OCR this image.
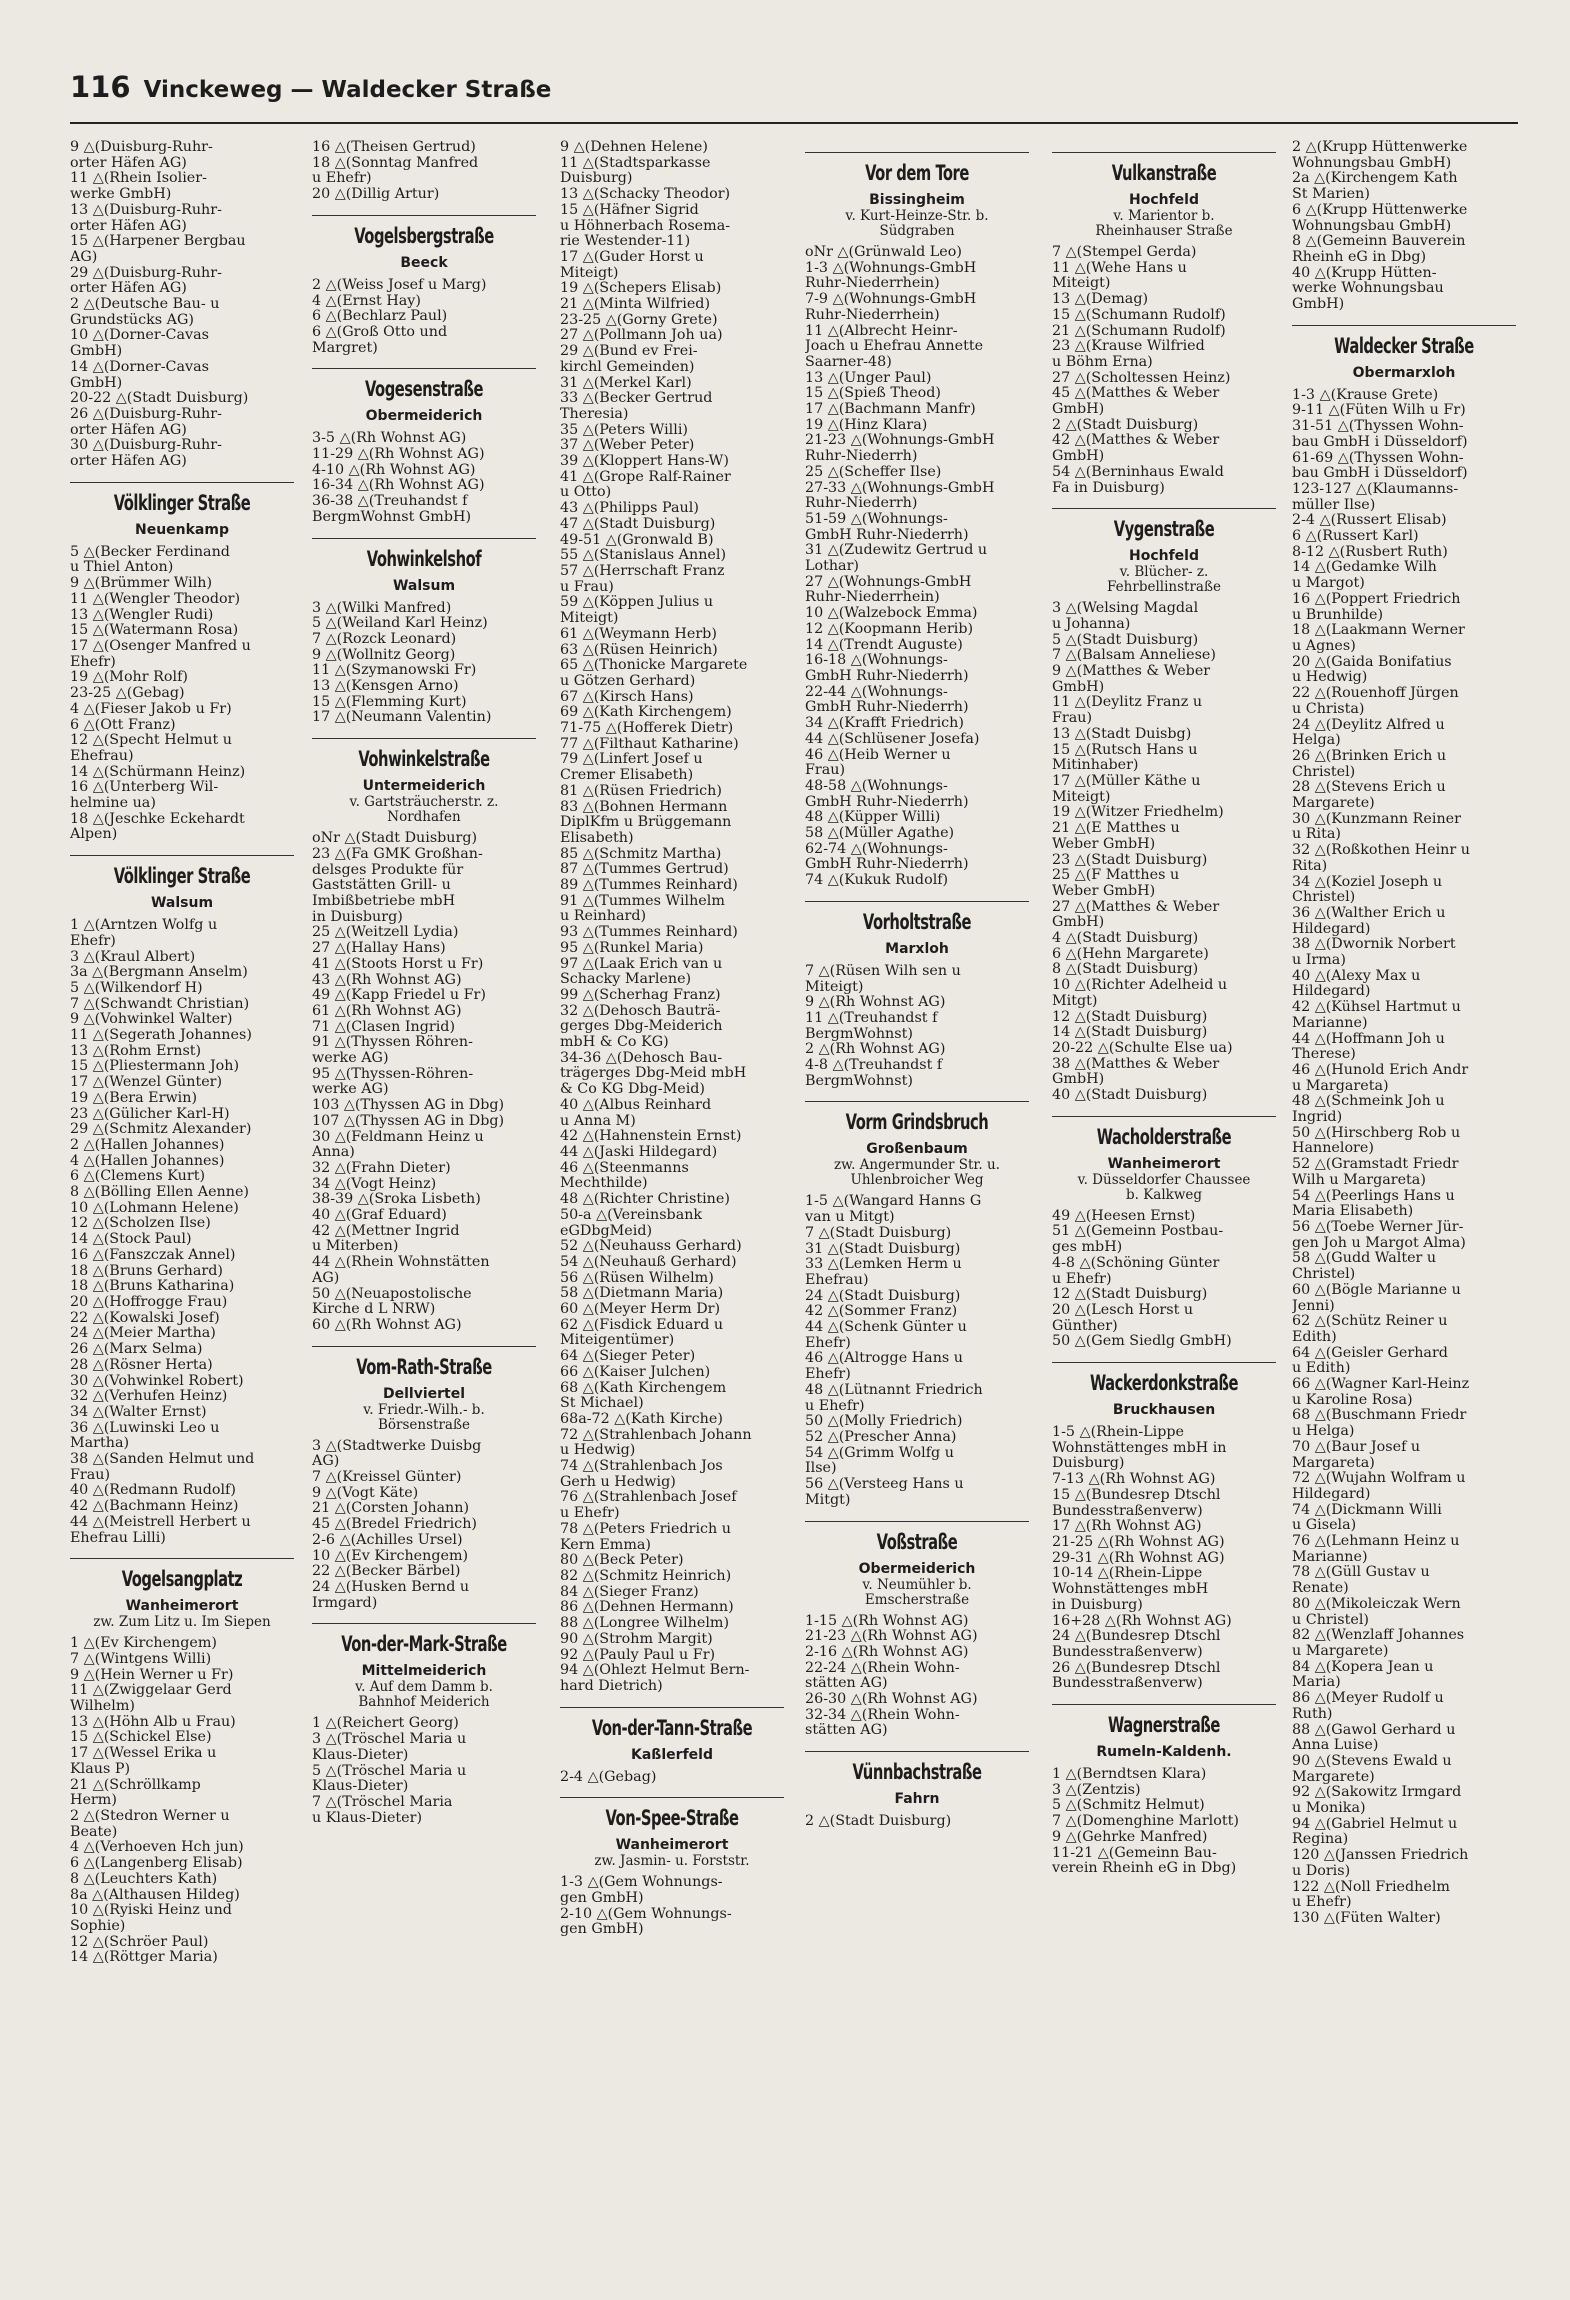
116 Vinckeweg — Waldecker Straße
9 △(Duisburg-Ruhr-
orter Häfen AG)
11 △(Rhein Isolier-
werke GmbH)
13 △(Duisburg-Ruhr-
orter Häfen AG)
15 △(Harpener Bergbau
AG)
29 △(Duisburg-Ruhr-
orter Häfen AG)
2 △(Deutsche Bau- u
Grundstücks AG)
10 △(Dorner-Cavas
GmbH)
14 △(Dorner-Cavas
GmbH)
20-22 △(Stadt Duisburg)
26 △(Duisburg-Ruhr-
orter Häfen AG)
30 △(Duisburg-Ruhr-
orter Häfen AG)
Völklinger Straße
Neuenkamp
5 △(Becker Ferdinand
u Thiel Anton)
9 △(Brümmer Wilh)
11 △(Wengler Theodor)
13 △(Wengler Rudi)
15 △(Watermann Rosa)
17 △(Osenger Manfred u
Ehefr)
19 △(Mohr Rolf)
23-25 △(Gebag)
4 △(Fieser Jakob u Fr)
6 △(Ott Franz)
12 △(Specht Helmut u
Ehefrau)
14 △(Schürmann Heinz)
16 △(Unterberg Wil-
helmine ua)
18 △(Jeschke Eckehardt
Alpen)
Völklinger Straße
Walsum
1 △(Arntzen Wolfg u
Ehefr)
3 △(Kraul Albert)
3a △(Bergmann Anselm)
5 △(Wilkendorf H)
7 △(Schwandt Christian)
9 △(Vohwinkel Walter)
11 △(Segerath Johannes)
13 △(Rohm Ernst)
15 △(Pliestermann Joh)
17 △(Wenzel Günter)
19 △(Bera Erwin)
23 △(Gülicher Karl-H)
29 △(Schmitz Alexander)
2 △(Hallen Johannes)
4 △(Hallen Johannes)
6 △(Clemens Kurt)
8 △(Bölling Ellen Aenne)
10 △(Lohmann Helene)
12 △(Scholzen Ilse)
14 △(Stock Paul)
16 △(Fanszczak Annel)
18 △(Bruns Gerhard)
18 △(Bruns Katharina)
20 △(Hoffrogge Frau)
22 △(Kowalski Josef)
24 △(Meier Martha)
26 △(Marx Selma)
28 △(Rösner Herta)
30 △(Vohwinkel Robert)
32 △(Verhufen Heinz)
34 △(Walter Ernst)
36 △(Luwinski Leo u
Martha)
38 △(Sanden Helmut und
Frau)
40 △(Redmann Rudolf)
42 △(Bachmann Heinz)
44 △(Meistrell Herbert u
Ehefrau Lilli)
Vogelsangplatz
Wanheimerort
zw. Zum Litz u. Im Siepen
1 △(Ev Kirchengem)
7 △(Wintgens Willi)
9 △(Hein Werner u Fr)
11 △(Zwiggelaar Gerd
Wilhelm)
13 △(Höhn Alb u Frau)
15 △(Schickel Else)
17 △(Wessel Erika u
Klaus P)
21 △(Schröllkamp
Herm)
2 △(Stedron Werner u
Beate)
4 △(Verhoeven Hch jun)
6 △(Langenberg Elisab)
8 △(Leuchters Kath)
8a △(Althausen Hildeg)
10 △(Ryiski Heinz und
Sophie)
12 △(Schröer Paul)
14 △(Röttger Maria)
16 △(Theisen Gertrud)
18 △(Sonntag Manfred
u Ehefr)
20 △(Dillig Artur)
Vogelsbergstraße
Beeck
2 △(Weiss Josef u Marg)
4 △(Ernst Hay)
6 △(Bechlarz Paul)
6 △(Groß Otto und
Margret)
Vogesenstraße
Obermeiderich
3-5 △(Rh Wohnst AG)
11-29 △(Rh Wohnst AG)
4-10 △(Rh Wohnst AG)
16-34 △(Rh Wohnst AG)
36-38 △(Treuhandst f
BergmWohnst GmbH)
Vohwinkelshof
Walsum
3 △(Wilki Manfred)
5 △(Weiland Karl Heinz)
7 △(Rozck Leonard)
9 △(Wollnitz Georg)
11 △(Szymanowski Fr)
13 △(Kensgen Arno)
15 △(Flemming Kurt)
17 △(Neumann Valentin)
Vohwinkelstraße
Untermeiderich
v. Gartsträucherstr. z.
Nordhafen
oNr △(Stadt Duisburg)
23 △(Fa GMK Großhan-
delsges Produkte für
Gaststätten Grill- u
Imbißbetriebe mbH
in Duisburg)
25 △(Weitzell Lydia)
27 △(Hallay Hans)
41 △(Stoots Horst u Fr)
43 △(Rh Wohnst AG)
49 △(Kapp Friedel u Fr)
61 △(Rh Wohnst AG)
71 △(Clasen Ingrid)
91 △(Thyssen Röhren-
werke AG)
95 △(Thyssen-Röhren-
werke AG)
103 △(Thyssen AG in Dbg)
107 △(Thyssen AG in Dbg)
30 △(Feldmann Heinz u
Anna)
32 △(Frahn Dieter)
34 △(Vogt Heinz)
38-39 △(Sroka Lisbeth)
40 △(Graf Eduard)
42 △(Mettner Ingrid
u Miterben)
44 △(Rhein Wohnstätten
AG)
50 △(Neuapostolische
Kirche d L NRW)
60 △(Rh Wohnst AG)
Vom-Rath-Straße
Dellviertel
v. Friedr.-Wilh.- b.
Börsenstraße
3 △(Stadtwerke Duisbg
AG)
7 △(Kreissel Günter)
9 △(Vogt Käte)
21 △(Corsten Johann)
45 △(Bredel Friedrich)
2-6 △(Achilles Ursel)
10 △(Ev Kirchengem)
22 △(Becker Bärbel)
24 △(Husken Bernd u
Irmgard)
Von-der-Mark-Straße
Mittelmeiderich
v. Auf dem Damm b.
Bahnhof Meiderich
1 △(Reichert Georg)
3 △(Tröschel Maria u
Klaus-Dieter)
5 △(Tröschel Maria u
Klaus-Dieter)
7 △(Tröschel Maria
u Klaus-Dieter)
9 △(Dehnen Helene)
11 △(Stadtsparkasse
Duisburg)
13 △(Schacky Theodor)
15 △(Häfner Sigrid
u Höhnerbach Rosema-
rie Westender-11)
17 △(Guder Horst u
Miteigt)
19 △(Schepers Elisab)
21 △(Minta Wilfried)
23-25 △(Gorny Grete)
27 △(Pollmann Joh ua)
29 △(Bund ev Frei-
kirchl Gemeinden)
31 △(Merkel Karl)
33 △(Becker Gertrud
Theresia)
35 △(Peters Willi)
37 △(Weber Peter)
39 △(Kloppert Hans-W)
41 △(Grope Ralf-Rainer
u Otto)
43 △(Philipps Paul)
47 △(Stadt Duisburg)
49-51 △(Gronwald B)
55 △(Stanislaus Annel)
57 △(Herrschaft Franz
u Frau)
59 △(Köppen Julius u
Miteigt)
61 △(Weymann Herb)
63 △(Rüsen Heinrich)
65 △(Thonicke Margarete
u Götzen Gerhard)
67 △(Kirsch Hans)
69 △(Kath Kirchengem)
71-75 △(Hofferek Dietr)
77 △(Filthaut Katharine)
79 △(Linfert Josef u
Cremer Elisabeth)
81 △(Rüsen Friedrich)
83 △(Bohnen Hermann
DiplKfm u Brüggemann
Elisabeth)
85 △(Schmitz Martha)
87 △(Tummes Gertrud)
89 △(Tummes Reinhard)
91 △(Tummes Wilhelm
u Reinhard)
93 △(Tummes Reinhard)
95 △(Runkel Maria)
97 △(Laak Erich van u
Schacky Marlene)
99 △(Scherhag Franz)
32 △(Dehosch Bauträ-
gerges Dbg-Meiderich
mbH & Co KG)
34-36 △(Dehosch Bau-
trägerges Dbg-Meid mbH
& Co KG Dbg-Meid)
40 △(Albus Reinhard
u Anna M)
42 △(Hahnenstein Ernst)
44 △(Jaski Hildegard)
46 △(Steenmanns
Mechthilde)
48 △(Richter Christine)
50-a △(Vereinsbank
eGDbgMeid)
52 △(Neuhauss Gerhard)
54 △(Neuhauß Gerhard)
56 △(Rüsen Wilhelm)
58 △(Dietmann Maria)
60 △(Meyer Herm Dr)
62 △(Fisdick Eduard u
Miteigentümer)
64 △(Sieger Peter)
66 △(Kaiser Julchen)
68 △(Kath Kirchengem
St Michael)
68a-72 △(Kath Kirche)
72 △(Strahlenbach Johann
u Hedwig)
74 △(Strahlenbach Jos
Gerh u Hedwig)
76 △(Strahlenbach Josef
u Ehefr)
78 △(Peters Friedrich u
Kern Emma)
80 △(Beck Peter)
82 △(Schmitz Heinrich)
84 △(Sieger Franz)
86 △(Dehnen Hermann)
88 △(Longree Wilhelm)
90 △(Strohm Margit)
92 △(Pauly Paul u Fr)
94 △(Ohlezt Helmut Bern-
hard Dietrich)
Von-der-Tann-Straße
Kaßlerfeld
2-4 △(Gebag)
Von-Spee-Straße
Wanheimerort
zw. Jasmin- u. Forststr.
1-3 △(Gem Wohnungs-
gen GmbH)
2-10 △(Gem Wohnungs-
gen GmbH)
Vor dem Tore
Bissingheim
v. Kurt-Heinze-Str. b.
Südgraben
oNr △(Grünwald Leo)
1-3 △(Wohnungs-GmbH
Ruhr-Niederrhein)
7-9 △(Wohnungs-GmbH
Ruhr-Niederrhein)
11 △(Albrecht Heinr-
Joach u Ehefrau Annette
Saarner-48)
13 △(Unger Paul)
15 △(Spieß Theod)
17 △(Bachmann Manfr)
19 △(Hinz Klara)
21-23 △(Wohnungs-GmbH
Ruhr-Niederrh)
25 △(Scheffer Ilse)
27-33 △(Wohnungs-GmbH
Ruhr-Niederrh)
51-59 △(Wohnungs-
GmbH Ruhr-Niederrh)
31 △(Zudewitz Gertrud u
Lothar)
27 △(Wohnungs-GmbH
Ruhr-Niederrhein)
10 △(Walzebock Emma)
12 △(Koopmann Herib)
14 △(Trendt Auguste)
16-18 △(Wohnungs-
GmbH Ruhr-Niederrh)
22-44 △(Wohnungs-
GmbH Ruhr-Niederrh)
34 △(Krafft Friedrich)
44 △(Schlüsener Josefa)
46 △(Heib Werner u
Frau)
48-58 △(Wohnungs-
GmbH Ruhr-Niederrh)
48 △(Küpper Willi)
58 △(Müller Agathe)
62-74 △(Wohnungs-
GmbH Ruhr-Niederrh)
74 △(Kukuk Rudolf)
Vorholtstraße
Marxloh
7 △(Rüsen Wilh sen u
Miteigt)
9 △(Rh Wohnst AG)
11 △(Treuhandst f
BergmWohnst)
2 △(Rh Wohnst AG)
4-8 △(Treuhandst f
BergmWohnst)
Vorm Grindsbruch
Großenbaum
zw. Angermunder Str. u.
Uhlenbroicher Weg
1-5 △(Wangard Hanns G
van u Mitgt)
7 △(Stadt Duisburg)
31 △(Stadt Duisburg)
33 △(Lemken Herm u
Ehefrau)
24 △(Stadt Duisburg)
42 △(Sommer Franz)
44 △(Schenk Günter u
Ehefr)
46 △(Altrogge Hans u
Ehefr)
48 △(Lütnannt Friedrich
u Ehefr)
50 △(Molly Friedrich)
52 △(Prescher Anna)
54 △(Grimm Wolfg u
Ilse)
56 △(Versteeg Hans u
Mitgt)
Voßstraße
Obermeiderich
v. Neumühler b.
Emscherstraße
1-15 △(Rh Wohnst AG)
21-23 △(Rh Wohnst AG)
2-16 △(Rh Wohnst AG)
22-24 △(Rhein Wohn-
stätten AG)
26-30 △(Rh Wohnst AG)
32-34 △(Rhein Wohn-
stätten AG)
Vünnbachstraße
Fahrn
2 △(Stadt Duisburg)
Vulkanstraße
Hochfeld
v. Marientor b.
Rheinhauser Straße
7 △(Stempel Gerda)
11 △(Wehe Hans u
Miteigt)
13 △(Demag)
15 △(Schumann Rudolf)
21 △(Schumann Rudolf)
23 △(Krause Wilfried
u Böhm Erna)
27 △(Scholtessen Heinz)
45 △(Matthes & Weber
GmbH)
2 △(Stadt Duisburg)
42 △(Matthes & Weber
GmbH)
54 △(Berninhaus Ewald
Fa in Duisburg)
Vygenstraße
Hochfeld
v. Blücher- z.
Fehrbellinstraße
3 △(Welsing Magdal
u Johanna)
5 △(Stadt Duisburg)
7 △(Balsam Anneliese)
9 △(Matthes & Weber
GmbH)
11 △(Deylitz Franz u
Frau)
13 △(Stadt Duisbg)
15 △(Rutsch Hans u
Mitinhaber)
17 △(Müller Käthe u
Miteigt)
19 △(Witzer Friedhelm)
21 △(E Matthes u
Weber GmbH)
23 △(Stadt Duisburg)
25 △(F Matthes u
Weber GmbH)
27 △(Matthes & Weber
GmbH)
4 △(Stadt Duisburg)
6 △(Hehn Margarete)
8 △(Stadt Duisburg)
10 △(Richter Adelheid u
Mitgt)
12 △(Stadt Duisburg)
14 △(Stadt Duisburg)
20-22 △(Schulte Else ua)
38 △(Matthes & Weber
GmbH)
40 △(Stadt Duisburg)
Wacholderstraße
Wanheimerort
v. Düsseldorfer Chaussee
b. Kalkweg
49 △(Heesen Ernst)
51 △(Gemeinn Postbau-
ges mbH)
4-8 △(Schöning Günter
u Ehefr)
12 △(Stadt Duisburg)
20 △(Lesch Horst u
Günther)
50 △(Gem Siedlg GmbH)
Wackerdonkstraße
Bruckhausen
1-5 △(Rhein-Lippe
Wohnstättenges mbH in
Duisburg)
7-13 △(Rh Wohnst AG)
15 △(Bundesrep Dtschl
Bundesstraßenverw)
17 △(Rh Wohnst AG)
21-25 △(Rh Wohnst AG)
29-31 △(Rh Wohnst AG)
10-14 △(Rhein-Lippe
Wohnstättenges mbH
in Duisburg)
16+28 △(Rh Wohnst AG)
24 △(Bundesrep Dtschl
Bundesstraßenverw)
26 △(Bundesrep Dtschl
Bundesstraßenverw)
Wagnerstraße
Rumeln-Kaldenh.
1 △(Berndtsen Klara)
3 △(Zentzis)
5 △(Schmitz Helmut)
7 △(Domenghine Marlott)
9 △(Gehrke Manfred)
11-21 △(Gemeinn Bau-
verein Rheinh eG in Dbg)
2 △(Krupp Hüttenwerke
Wohnungsbau GmbH)
2a △(Kirchengem Kath
St Marien)
6 △(Krupp Hüttenwerke
Wohnungsbau GmbH)
8 △(Gemeinn Bauverein
Rheinh eG in Dbg)
40 △(Krupp Hütten-
werke Wohnungsbau
GmbH)
Waldecker Straße
Obermarxloh
1-3 △(Krause Grete)
9-11 △(Füten Wilh u Fr)
31-51 △(Thyssen Wohn-
bau GmbH i Düsseldorf)
61-69 △(Thyssen Wohn-
bau GmbH i Düsseldorf)
123-127 △(Klaumanns-
müller Ilse)
2-4 △(Russert Elisab)
6 △(Russert Karl)
8-12 △(Rusbert Ruth)
14 △(Gedamke Wilh
u Margot)
16 △(Poppert Friedrich
u Brunhilde)
18 △(Laakmann Werner
u Agnes)
20 △(Gaida Bonifatius
u Hedwig)
22 △(Rouenhoff Jürgen
u Christa)
24 △(Deylitz Alfred u
Helga)
26 △(Brinken Erich u
Christel)
28 △(Stevens Erich u
Margarete)
30 △(Kunzmann Reiner
u Rita)
32 △(Roßkothen Heinr u
Rita)
34 △(Koziel Joseph u
Christel)
36 △(Walther Erich u
Hildegard)
38 △(Dwornik Norbert
u Irma)
40 △(Alexy Max u
Hildegard)
42 △(Kühsel Hartmut u
Marianne)
44 △(Hoffmann Joh u
Therese)
46 △(Hunold Erich Andr
u Margareta)
48 △(Schmeink Joh u
Ingrid)
50 △(Hirschberg Rob u
Hannelore)
52 △(Gramstadt Friedr
Wilh u Margareta)
54 △(Peerlings Hans u
Maria Elisabeth)
56 △(Toebe Werner Jür-
gen Joh u Margot Alma)
58 △(Gudd Walter u
Christel)
60 △(Bögle Marianne u
Jenni)
62 △(Schütz Reiner u
Edith)
64 △(Geisler Gerhard
u Edith)
66 △(Wagner Karl-Heinz
u Karoline Rosa)
68 △(Buschmann Friedr
u Helga)
70 △(Baur Josef u
Margareta)
72 △(Wujahn Wolfram u
Hildegard)
74 △(Dickmann Willi
u Gisela)
76 △(Lehmann Heinz u
Marianne)
78 △(Güll Gustav u
Renate)
80 △(Mikoleiczak Wern
u Christel)
82 △(Wenzlaff Johannes
u Margarete)
84 △(Kopera Jean u
Maria)
86 △(Meyer Rudolf u
Ruth)
88 △(Gawol Gerhard u
Anna Luise)
90 △(Stevens Ewald u
Margarete)
92 △(Sakowitz Irmgard
u Monika)
94 △(Gabriel Helmut u
Regina)
120 △(Janssen Friedrich
u Doris)
122 △(Noll Friedhelm
u Ehefr)
130 △(Füten Walter)
